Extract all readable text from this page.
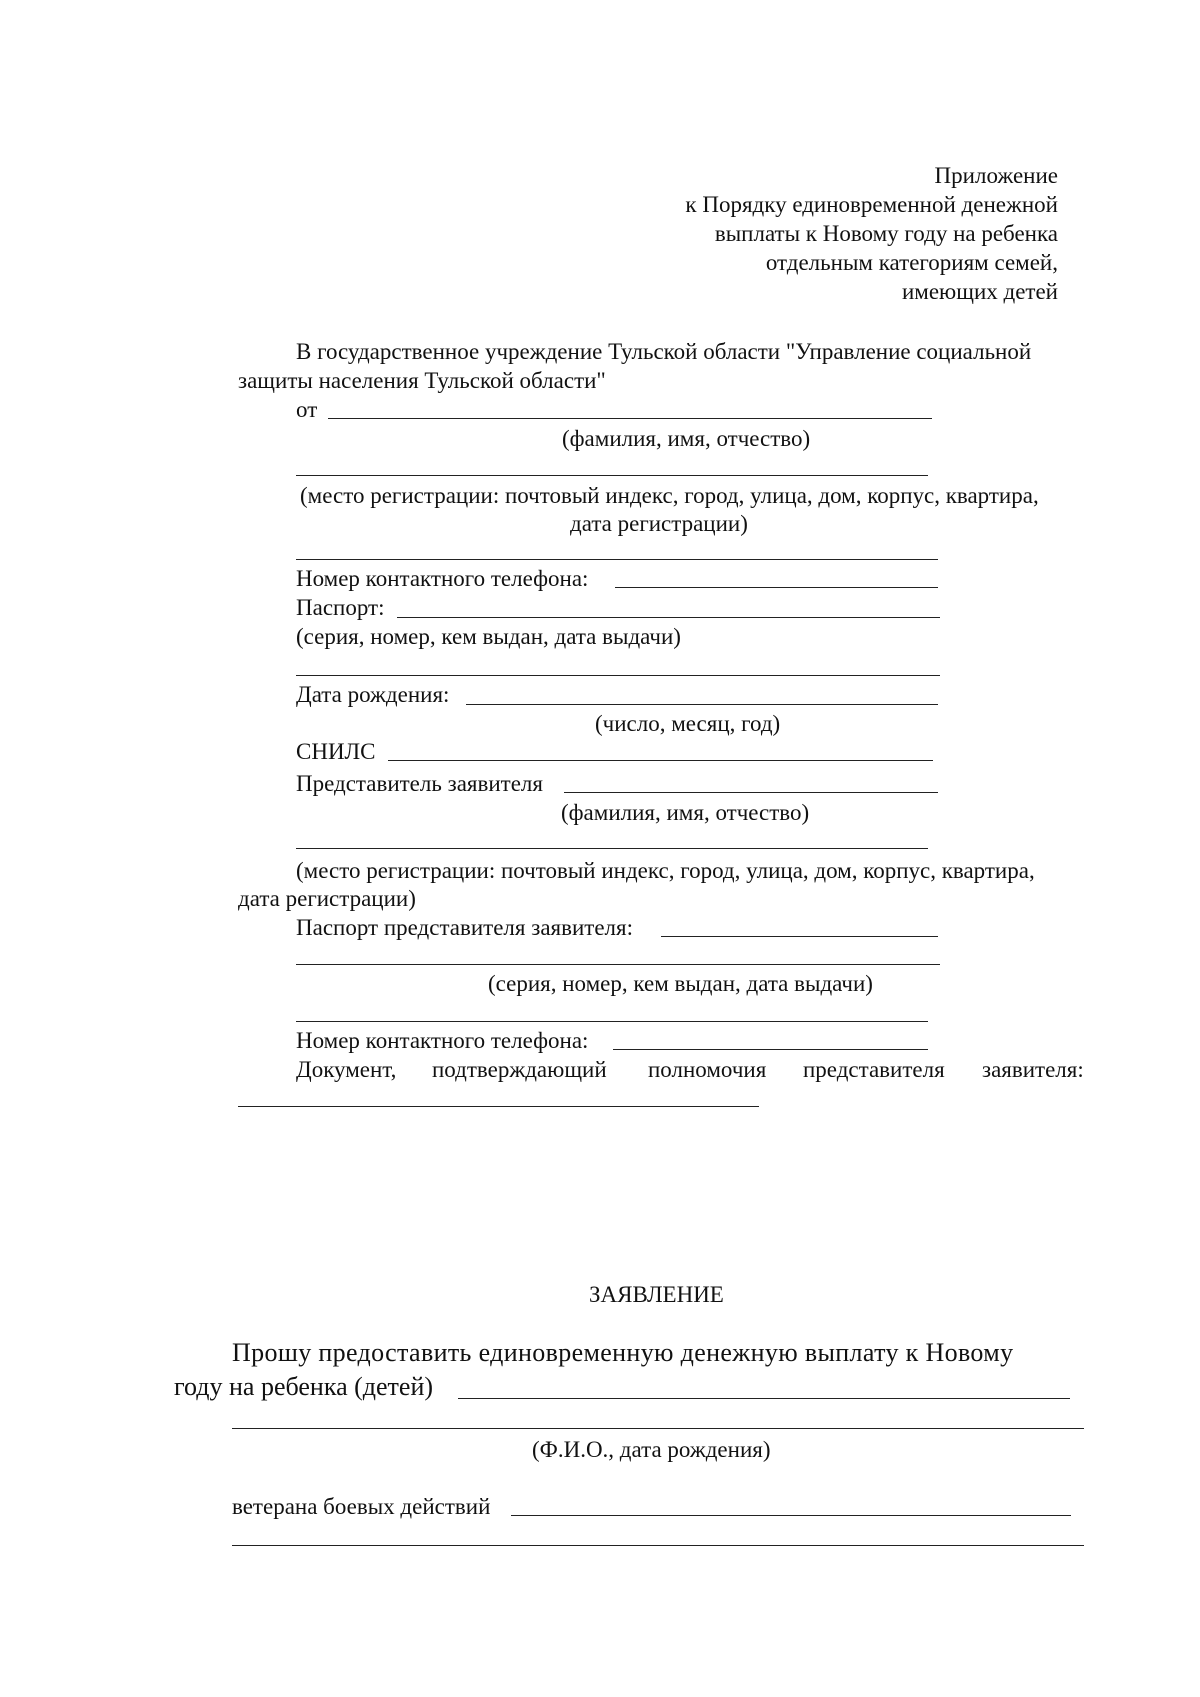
Приложение
к Порядку единовременной денежной
выплаты к Новому году на ребенка
отдельным категориям семей,
имеющих детей
В государственное учреждение Тульской области "Управление социальной
защиты населения Тульской области"
от
(фамилия, имя, отчество)
(место регистрации: почтовый индекс, город, улица, дом, корпус, квартира,
дата регистрации)
Номер контактного телефона:
Паспорт:
(серия, номер, кем выдан, дата выдачи)
Дата рождения:
(число, месяц, год)
СНИЛС
Представитель заявителя
(фамилия, имя, отчество)
(место регистрации: почтовый индекс, город, улица, дом, корпус, квартира,
дата регистрации)
Паспорт представителя заявителя:
(серия, номер, кем выдан, дата выдачи)
Номер контактного телефона:
Документ, подтверждающий полномочия представителя заявителя:
ЗАЯВЛЕНИЕ
Прошу предоставить единовременную денежную выплату к Новому
году на ребенка (детей)
(Ф.И.О., дата рождения)
ветерана боевых действий
